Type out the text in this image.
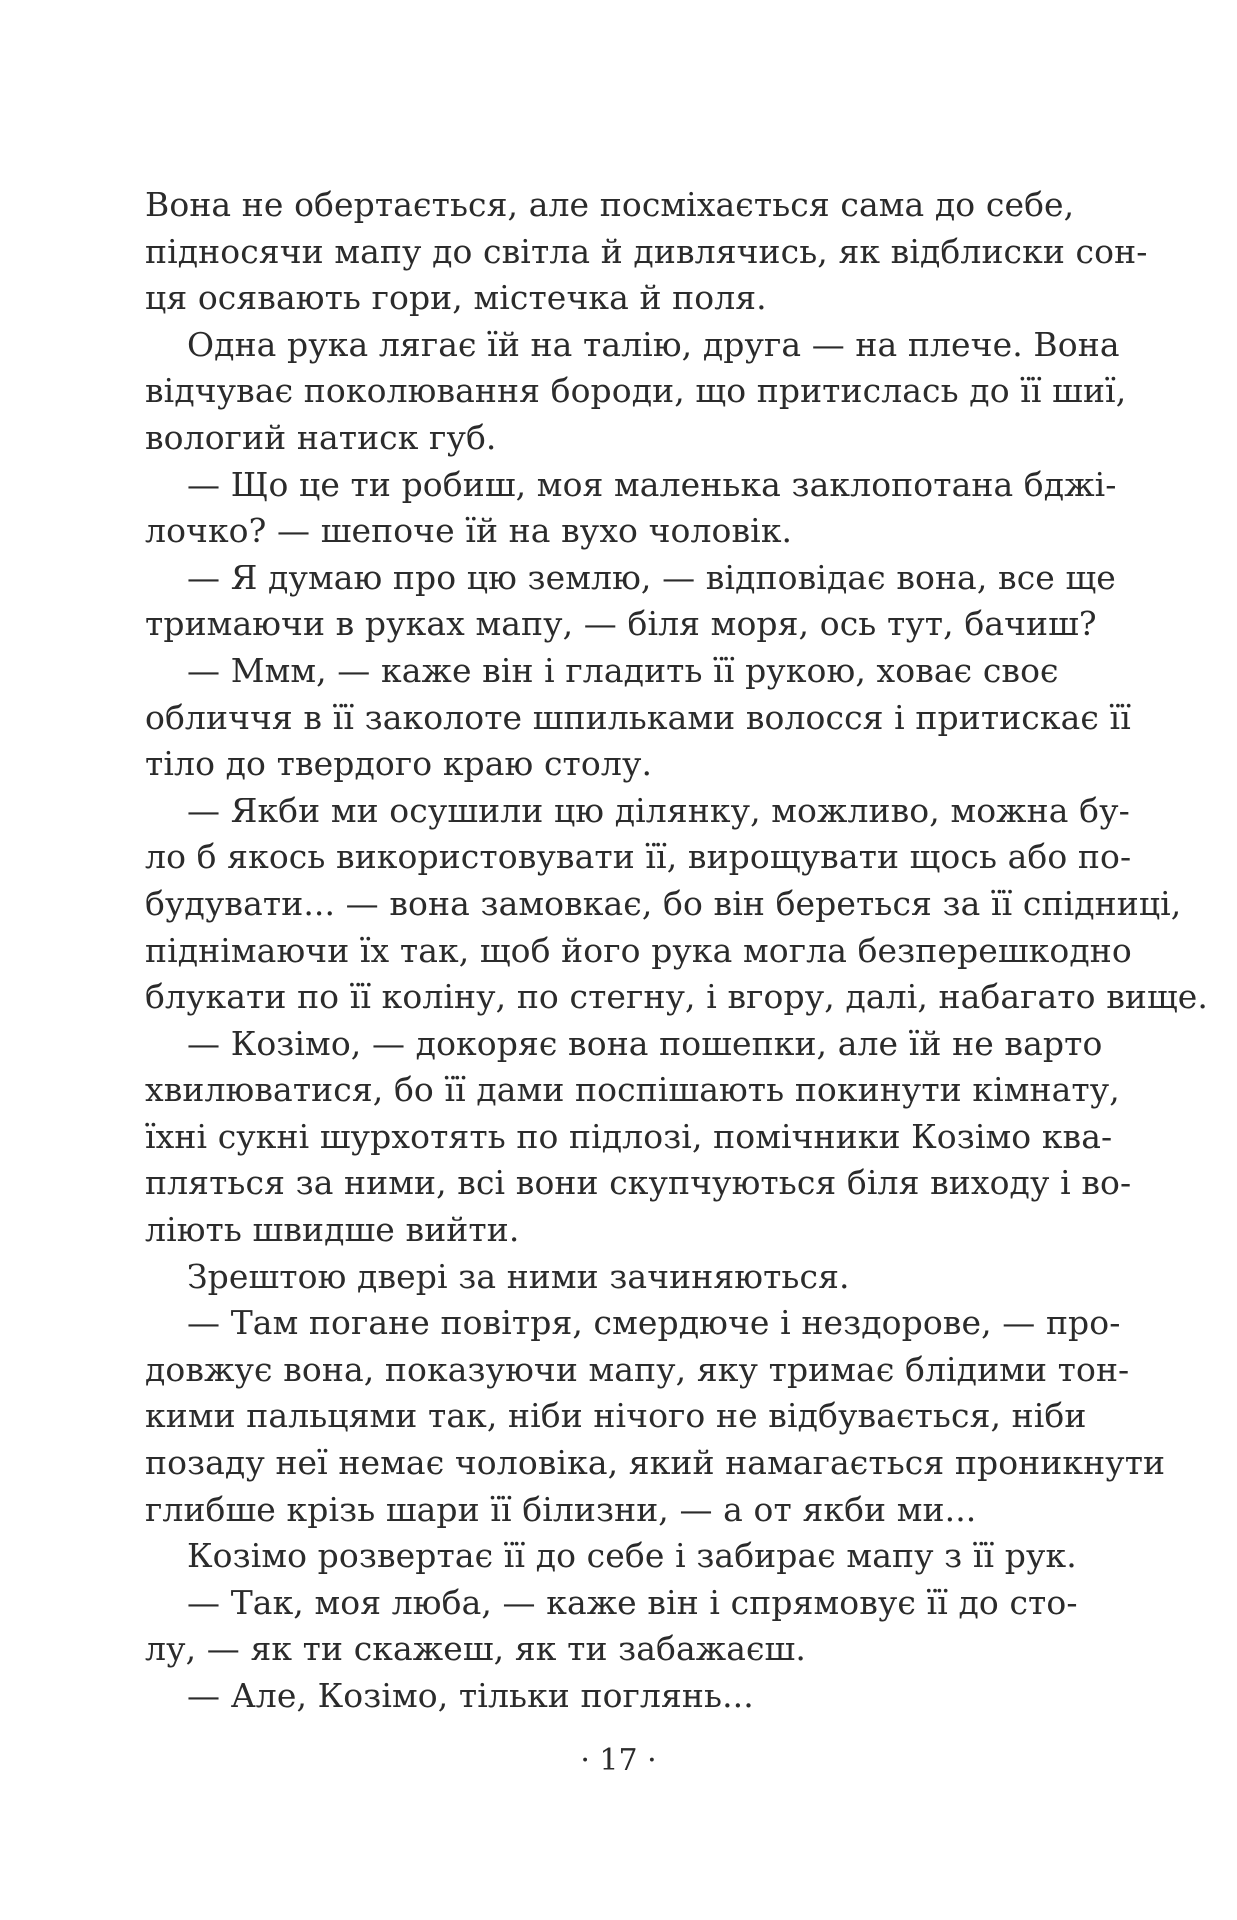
Вона не обертається, але посміхається сама до себе,
підносячи мапу до світла й дивлячись, як відблиски сон-
ця осявають гори, містечка й поля.
Одна рука лягає їй на талію, друга — на плече. Вона
відчуває поколювання бороди, що притислась до її шиї,
вологий натиск губ.
— Що це ти робиш, моя маленька заклопотана бджі-
лочко? — шепоче їй на вухо чоловік.
— Я думаю про цю землю, — відповідає вона, все ще
тримаючи в руках мапу, — біля моря, ось тут, бачиш?
— Ммм, — каже він і гладить її рукою, ховає своє
обличчя в її заколоте шпильками волосся і притискає її
тіло до твердого краю столу.
— Якби ми осушили цю ділянку, можливо, можна бу-
ло б якось використовувати її, вирощувати щось або по-
будувати... — вона замовкає, бо він береться за її спідниці,
піднімаючи їх так, щоб його рука могла безперешкодно
блукати по її коліну, по стегну, і вгору, далі, набагато вище.
— Козімо, — докоряє вона пошепки, але їй не варто
хвилюватися, бо її дами поспішають покинути кімнату,
їхні сукні шурхотять по підлозі, помічники Козімо ква-
пляться за ними, всі вони скупчуються біля виходу і во-
ліють швидше вийти.
Зрештою двері за ними зачиняються.
— Там погане повітря, смердюче і нездорове, — про-
довжує вона, показуючи мапу, яку тримає блідими тон-
кими пальцями так, ніби нічого не відбувається, ніби
позаду неї немає чоловіка, який намагається проникнути
глибше крізь шари її білизни, — а от якби ми...
Козімо розвертає її до себе і забирає мапу з її рук.
— Так, моя люба, — каже він і спрямовує її до сто-
лу, — як ти скажеш, як ти забажаєш.
— Але, Козімо, тільки поглянь...
· 17 ·
